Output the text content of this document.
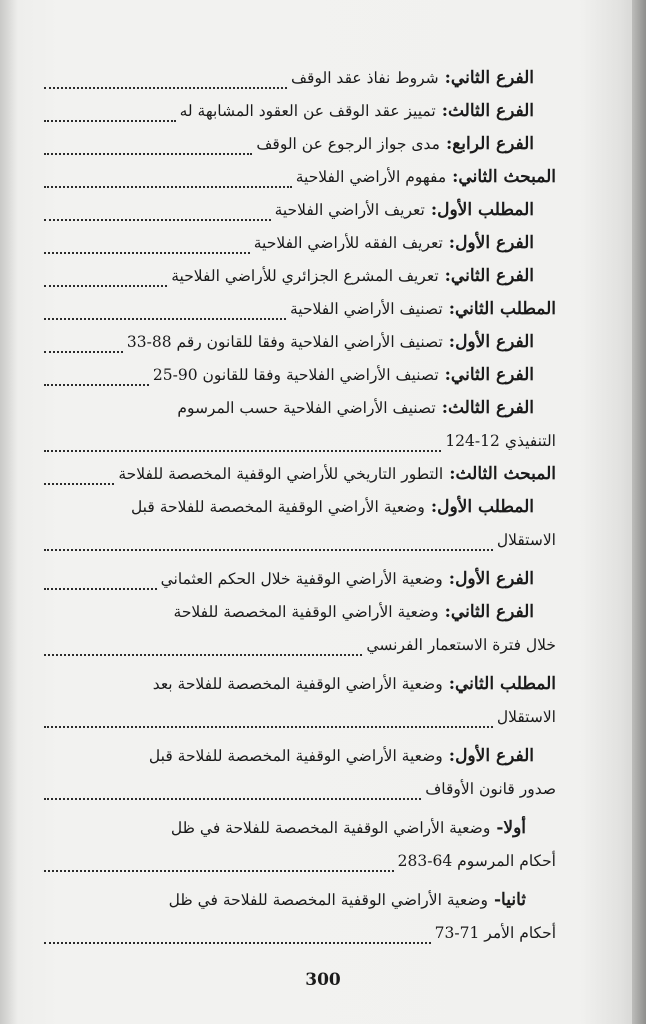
الفرع الثاني:
شروط نفاذ عقد الوقف
الفرع الثالث:
تمييز عقد الوقف عن العقود المشابهة له
الفرع الرابع:
مدى جواز الرجوع عن الوقف
المبحث الثاني:
مفهوم الأراضي الفلاحية
المطلب الأول:
تعريف الأراضي الفلاحية
الفرع الأول:
تعريف الفقه للأراضي الفلاحية
الفرع الثاني:
تعريف المشرع الجزائري للأراضي الفلاحية
المطلب الثاني:
تصنيف الأراضي الفلاحية
الفرع الأول:
تصنيف الأراضي الفلاحية وفقا للقانون رقم 88-33
الفرع الثاني:
تصنيف الأراضي الفلاحية وفقا للقانون 90-25
الفرع الثالث:
تصنيف الأراضي الفلاحية حسب المرسوم
التنفيذي 12-124
المبحث الثالث:
التطور التاريخي للأراضي الوقفية المخصصة للفلاحة
المطلب الأول:
وضعية الأراضي الوقفية المخصصة للفلاحة قبل
الاستقلال
الفرع الأول:
وضعية الأراضي الوقفية خلال الحكم العثماني
الفرع الثاني:
وضعية الأراضي الوقفية المخصصة للفلاحة
خلال فترة الاستعمار الفرنسي
المطلب الثاني:
وضعية الأراضي الوقفية المخصصة للفلاحة بعد
الاستقلال
الفرع الأول:
وضعية الأراضي الوقفية المخصصة للفلاحة قبل
صدور قانون الأوقاف
أولا-
وضعية الأراضي الوقفية المخصصة للفلاحة في ظل
أحكام المرسوم 64-283
ثانيا-
وضعية الأراضي الوقفية المخصصة للفلاحة في ظل
أحكام الأمر 71-73
300
